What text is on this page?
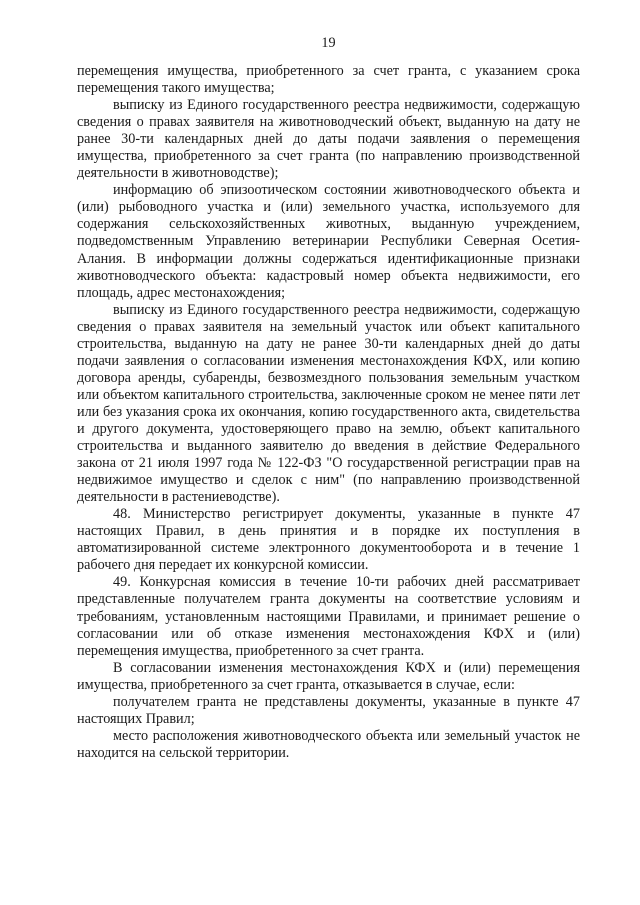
19

перемещения имущества, приобретенного за счет гранта, с указанием срока перемещения такого имущества;

выписку из Единого государственного реестра недвижимости, содержащую сведения о правах заявителя на животноводческий объект, выданную на дату не ранее 30-ти календарных дней до даты подачи заявления о перемещения имущества, приобретенного за счет гранта (по направлению производственной деятельности в животноводстве);

информацию об эпизоотическом состоянии животноводческого объекта и (или) рыбоводного участка и (или) земельного участка, используемого для содержания сельскохозяйственных животных, выданную учреждением, подведомственным Управлению ветеринарии Республики Северная Осетия-Алания. В информации должны содержаться идентификационные признаки животноводческого объекта: кадастровый номер объекта недвижимости, его площадь, адрес местонахождения;

выписку из Единого государственного реестра недвижимости, содержащую сведения о правах заявителя на земельный участок или объект капитального строительства, выданную на дату не ранее 30-ти календарных дней до даты подачи заявления о согласовании изменения местонахождения КФХ, или копию договора аренды, субаренды, безвозмездного пользования земельным участком или объектом капитального строительства, заключенные сроком не менее пяти лет или без указания срока их окончания, копию государственного акта, свидетельства и другого документа, удостоверяющего право на землю, объект капитального строительства и выданного заявителю до введения в действие Федерального закона от 21 июля 1997 года № 122-ФЗ "О государственной регистрации прав на недвижимое имущество и сделок с ним" (по направлению производственной деятельности в растениеводстве).

48. Министерство регистрирует документы, указанные в пункте 47 настоящих Правил, в день принятия и в порядке их поступления в автоматизированной системе электронного документооборота и в течение 1 рабочего дня передает их конкурсной комиссии.

49. Конкурсная комиссия в течение 10-ти рабочих дней рассматривает представленные получателем гранта документы на соответствие условиям и требованиям, установленным настоящими Правилами, и принимает решение о согласовании или об отказе изменения местонахождения КФХ и (или) перемещения имущества, приобретенного за счет гранта.

В согласовании изменения местонахождения КФХ и (или) перемещения имущества, приобретенного за счет гранта, отказывается в случае, если:

получателем гранта не представлены документы, указанные в пункте 47 настоящих Правил;

место расположения животноводческого объекта или земельный участок не находится на сельской территории.
